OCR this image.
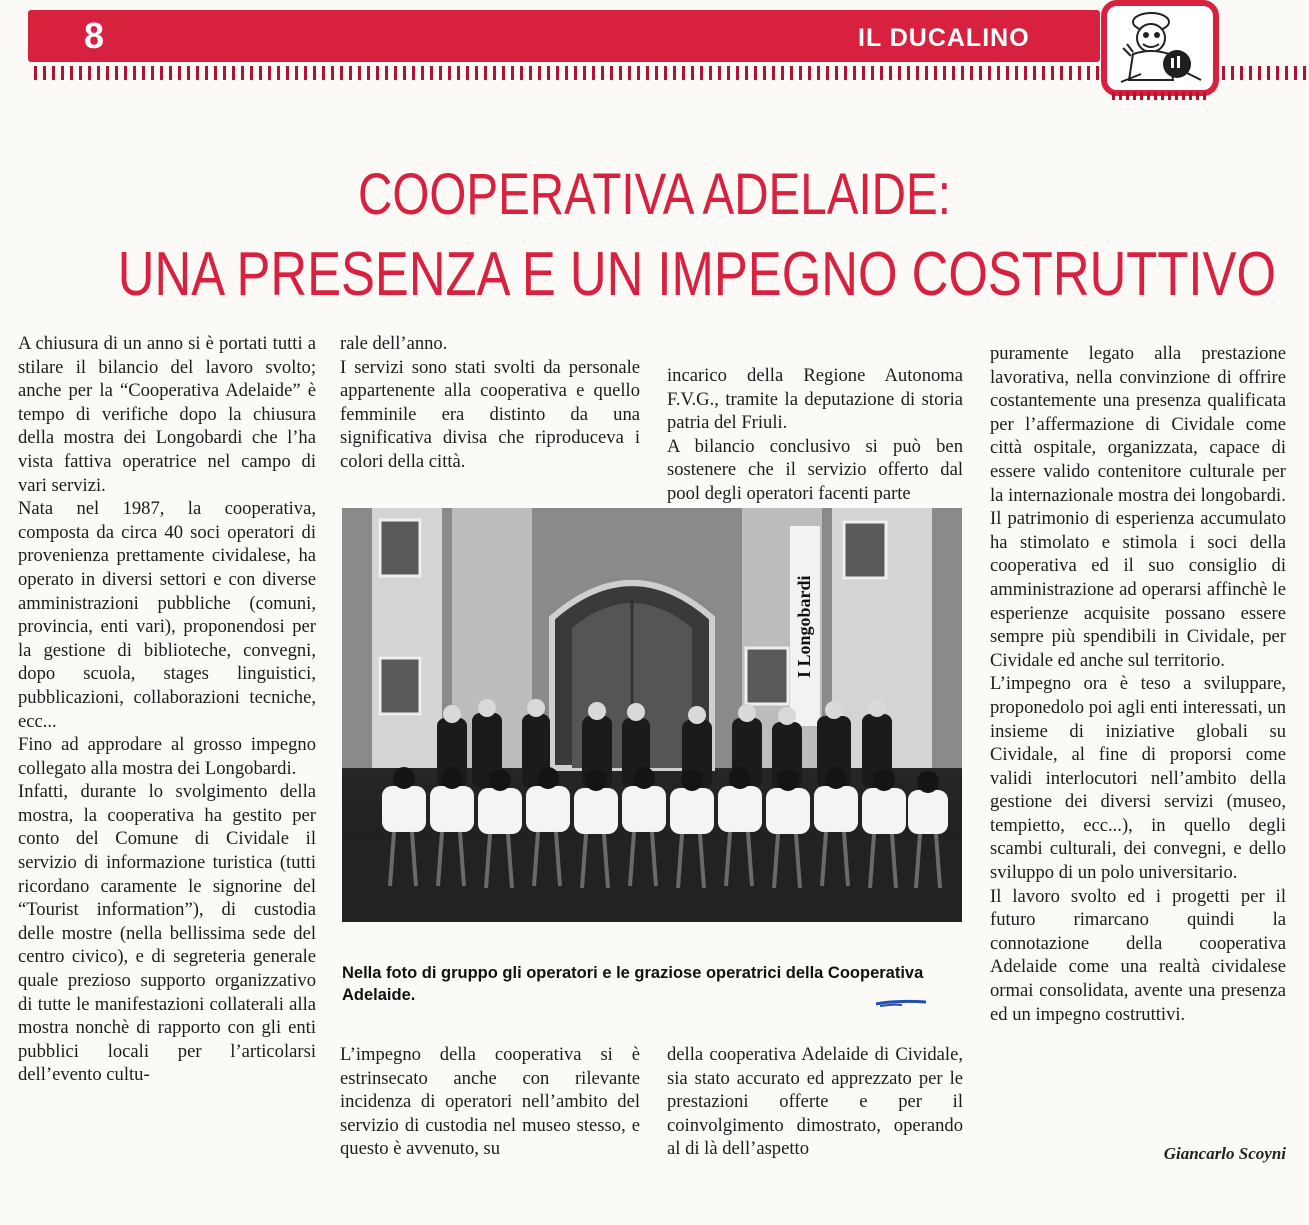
8	IL DUCALINO
COOPERATIVA ADELAIDE:
UNA PRESENZA E UN IMPEGNO COSTRUTTIVO

A chiusura di un anno si è portati tutti a stilare il bilancio del lavoro svolto; anche per la “Cooperativa Adelaide” è tempo di verifiche dopo la chiusura della mostra dei Longobardi che l’ha vista fattiva operatrice nel campo di vari servizi.

Nata nel 1987, la cooperativa, composta da circa 40 soci operatori di provenienza prettamente cividalese, ha operato in diversi settori e con diverse amministrazioni pubbliche (comuni, provincia, enti vari), proponendosi per la gestione di biblioteche, convegni, dopo scuola, stages linguistici, pubblicazioni, collaborazioni tecniche, ecc...

Fino ad approdare al grosso impegno collegato alla mostra dei Longobardi.

Infatti, durante lo svolgimento della mostra, la cooperativa ha gestito per conto del Comune di Cividale il servizio di informazione turistica (tutti ricordano caramente le signorine del “Tourist information”), di custodia delle mostre (nella bellissima sede del centro civico), e di segreteria generale quale prezioso supporto organizzativo di tutte le manifestazioni collaterali alla mostra nonchè di rapporto con gli enti pubblici locali per l’articolarsi dell’evento cultu-

rale dell’anno.

I servizi sono stati svolti da personale appartenente alla cooperativa e quello femminile era distinto da una significativa divisa che riproduceva i colori della città.

incarico della Regione Autonoma F.V.G., tramite la deputazione di storia patria del Friuli.

A bilancio conclusivo si può ben sostenere che il servizio offerto dal pool degli operatori facenti parte

puramente legato alla prestazione lavorativa, nella convinzione di offrire costantemente una presenza qualificata per l’affermazione di Cividale come città ospitale, organizzata, capace di essere valido contenitore culturale per la internazionale mostra dei longobardi.

Il patrimonio di esperienza accumulato ha stimolato e stimola i soci della cooperativa ed il suo consiglio di amministrazione ad operarsi affinchè le esperienze acquisite possano essere sempre più spendibili in Cividale, per Cividale ed anche sul territorio.

L’impegno ora è teso a sviluppare, proponedolo poi agli enti interessati, un insieme di iniziative globali su Cividale, al fine di proporsi come validi interlocutori nell’ambito della gestione dei diversi servizi (museo, tempietto, ecc...), in quello degli scambi culturali, dei convegni, e dello sviluppo di un polo universitario.

Il lavoro svolto ed i progetti per il futuro rimarcano quindi la connotazione della cooperativa Adelaide come una realtà cividalese ormai consolidata, avente una presenza ed un impegno costruttivi.

I Longobardi
Nella foto di gruppo gli operatori e le graziose operatrici della Cooperativa Adelaide.

L’impegno della cooperativa si è estrinsecato anche con rilevante incidenza di operatori nell’ambito del servizio di custodia nel museo stesso, e questo è avvenuto, su

della cooperativa Adelaide di Cividale, sia stato accurato ed apprezzato per le prestazioni offerte e per il coinvolgimento dimostrato, operando al di là dell’aspetto	Giancarlo Scoyni
